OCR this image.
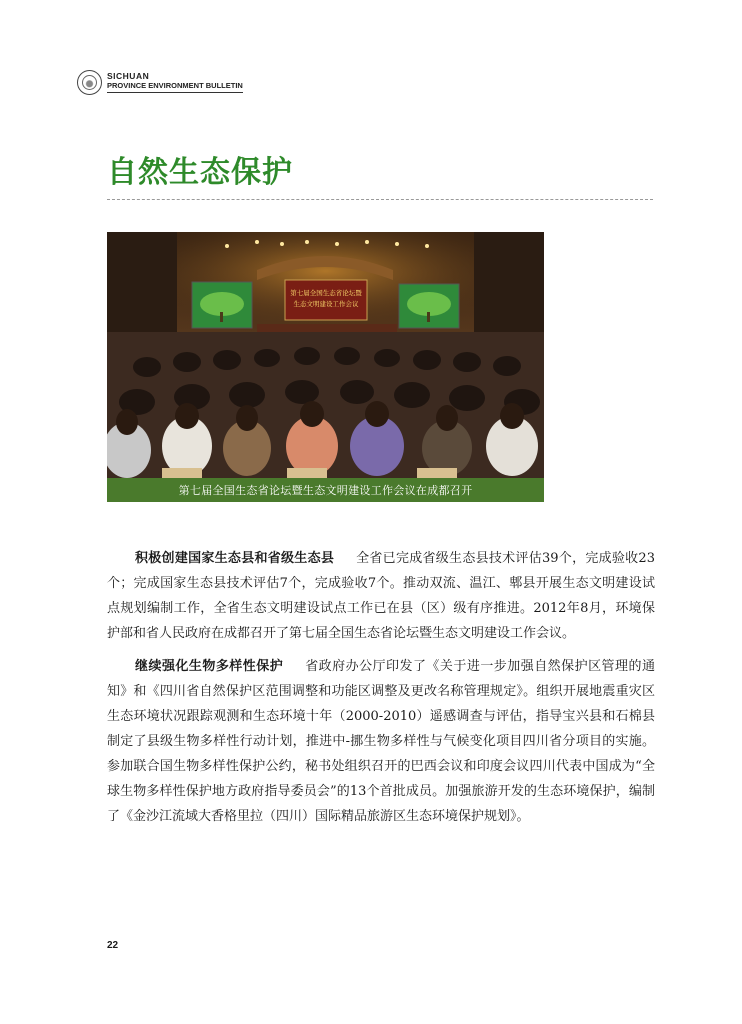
SICHUAN
PROVINCE ENVIRONMENT BULLETIN
自然生态保护
第七届全国生态省论坛暨
生态文明建设工作会议
第七届全国生态省论坛暨生态文明建设工作会议在成都召开

积极创建国家生态县和省级生态县 全省已完成省级生态县技术评估39个，完成验收23个；完成国家生态县技术评估7个，完成验收7个。推动双流、温江、郫县开展生态文明建设试点规划编制工作，全省生态文明建设试点工作已在县（区）级有序推进。2012年8月，环境保护部和省人民政府在成都召开了第七届全国生态省论坛暨生态文明建设工作会议。

继续强化生物多样性保护 省政府办公厅印发了《关于进一步加强自然保护区管理的通知》和《四川省自然保护区范围调整和功能区调整及更改名称管理规定》。组织开展地震重灾区生态环境状况跟踪观测和生态环境十年（2000-2010）遥感调查与评估，指导宝兴县和石棉县制定了县级生物多样性行动计划，推进中-挪生物多样性与气候变化项目四川省分项目的实施。参加联合国生物多样性保护公约，秘书处组织召开的巴西会议和印度会议四川代表中国成为“全球生物多样性保护地方政府指导委员会”的13个首批成员。加强旅游开发的生态环境保护，编制了《金沙江流域大香格里拉（四川）国际精品旅游区生态环境保护规划》。

22
